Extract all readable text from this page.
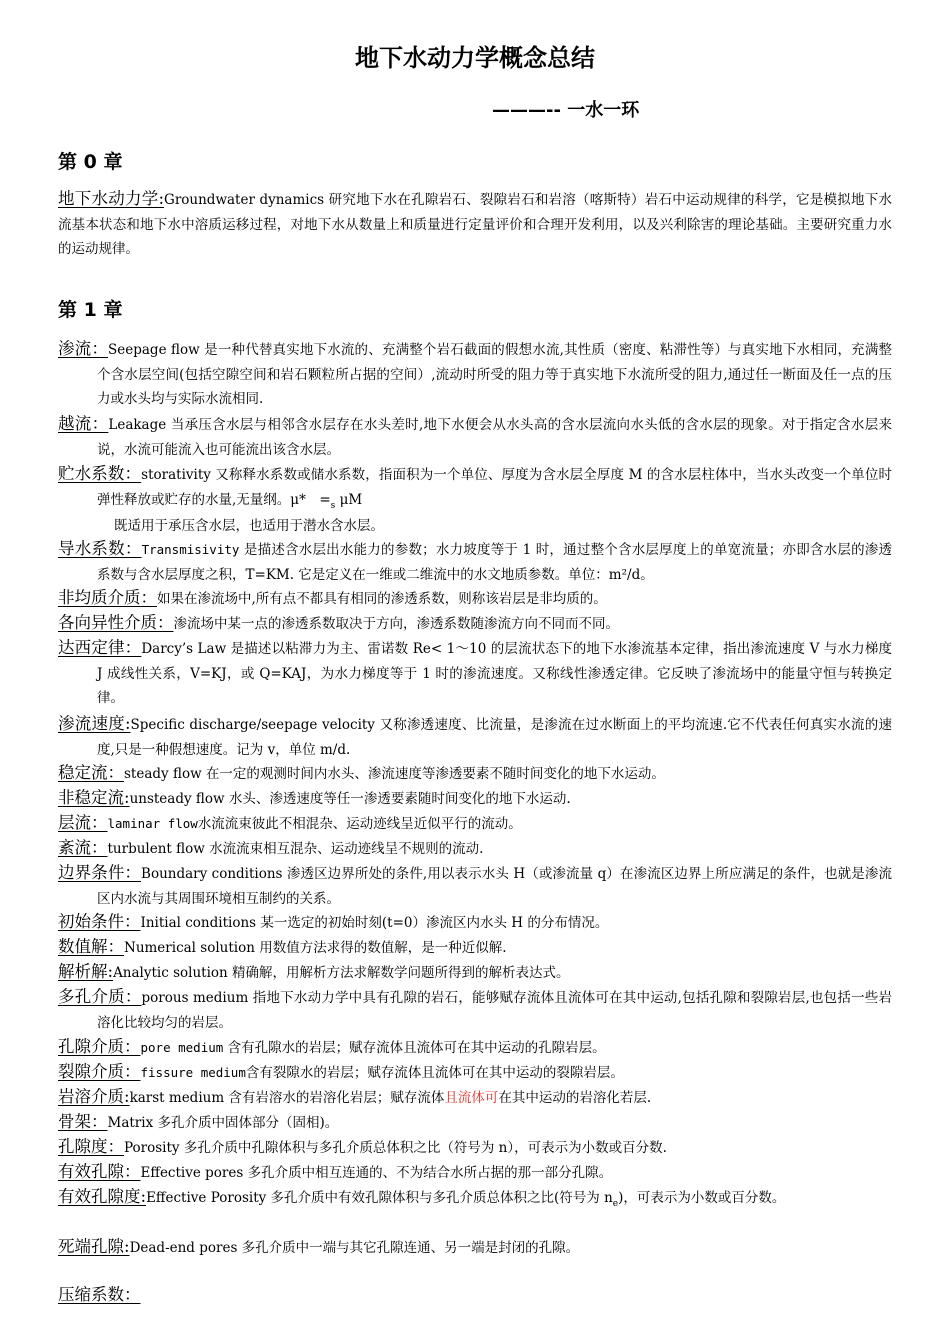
地下水动力学概念总结
———-- 一水一环
第 0 章
地下水动力学:Groundwater dynamics 研究地下水在孔隙岩石、裂隙岩石和岩溶（喀斯特）岩石中运动规律的科学，它是模拟地下水流基本状态和地下水中溶质运移过程，对地下水从数量上和质量进行定量评价和合理开发利用，以及兴利除害的理论基础。主要研究重力水的运动规律。
第 1 章
渗流：Seepage flow 是一种代替真实地下水流的、充满整个岩石截面的假想水流,其性质（密度、粘滞性等）与真实地下水相同，充满整个含水层空间(包括空隙空间和岩石颗粒所占据的空间）,流动时所受的阻力等于真实地下水流所受的阻力,通过任一断面及任一点的压力或水头均与实际水流相同.
越流：Leakage 当承压含水层与相邻含水层存在水头差时,地下水便会从水头高的含水层流向水头低的含水层的现象。对于指定含水层来说，水流可能流入也可能流出该含水层。
贮水系数：storativity 又称释水系数或储水系数，指面积为一个单位、厚度为含水层全厚度 M 的含水层柱体中，当水头改变一个单位时弹性释放或贮存的水量,无量纲。μ*　$=_s$ μM
既适用于承压含水层，也适用于潜水含水层。
导水系数：Transmisivity 是描述含水层出水能力的参数；水力坡度等于 1 时，通过整个含水层厚度上的单宽流量；亦即含水层的渗透系数与含水层厚度之积，T=KM. 它是定义在一维或二维流中的水文地质参数。单位：m²/d。
非均质介质：如果在渗流场中,所有点不都具有相同的渗透系数，则称该岩层是非均质的。
各向异性介质：渗流场中某一点的渗透系数取决于方向，渗透系数随渗流方向不同而不同。
达西定律：Darcy’s Law 是描述以粘滞力为主、雷诺数 Re< 1～10 的层流状态下的地下水渗流基本定律，指出渗流速度 V 与水力梯度 J 成线性关系，V=KJ，或 Q=KAJ，为水力梯度等于 1 时的渗流速度。又称线性渗透定律。它反映了渗流场中的能量守恒与转换定律。
渗流速度:Specific discharge/seepage velocity 又称渗透速度、比流量，是渗流在过水断面上的平均流速.它不代表任何真实水流的速度,只是一种假想速度。记为 v，单位 m/d.
稳定流：steady flow 在一定的观测时间内水头、渗流速度等渗透要素不随时间变化的地下水运动。
非稳定流:unsteady flow 水头、渗透速度等任一渗透要素随时间变化的地下水运动.
层流：laminar flow水流流束彼此不相混杂、运动迹线呈近似平行的流动。
紊流：turbulent flow 水流流束相互混杂、运动迹线呈不规则的流动.
边界条件：Boundary conditions 渗透区边界所处的条件,用以表示水头 H（或渗流量 q）在渗流区边界上所应满足的条件，也就是渗流区内水流与其周围环境相互制约的关系。
初始条件：Initial conditions 某一选定的初始时刻(t=0）渗流区内水头 H 的分布情况。
数值解：Numerical solution 用数值方法求得的数值解，是一种近似解.
解析解:Analytic solution 精确解，用解析方法求解数学问题所得到的解析表达式。
多孔介质：porous medium 指地下水动力学中具有孔隙的岩石，能够赋存流体且流体可在其中运动,包括孔隙和裂隙岩层,也包括一些岩溶化比较均匀的岩层。
孔隙介质：pore medium 含有孔隙水的岩层；赋存流体且流体可在其中运动的孔隙岩层。
裂隙介质：fissure medium含有裂隙水的岩层；赋存流体且流体可在其中运动的裂隙岩层。
岩溶介质:karst medium 含有岩溶水的岩溶化岩层；赋存流体且流体可在其中运动的岩溶化若层.
骨架：Matrix 多孔介质中固体部分（固相)。
孔隙度：Porosity 多孔介质中孔隙体积与多孔介质总体积之比（符号为 n），可表示为小数或百分数.
有效孔隙：Effective pores 多孔介质中相互连通的、不为结合水所占据的那一部分孔隙。
有效孔隙度:Effective Porosity 多孔介质中有效孔隙体积与多孔介质总体积之比(符号为 $n_e$)，可表示为小数或百分数。
死端孔隙:Dead-end pores 多孔介质中一端与其它孔隙连通、另一端是封闭的孔隙。
压缩系数：
